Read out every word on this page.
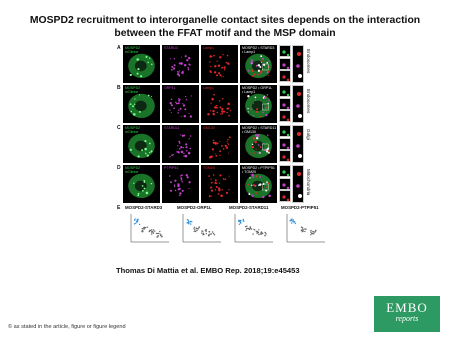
MOSPD2 recruitment to interorganelle contact sites depends on the interaction between the FFAT motif and the MSP domain
A MOSPD2
mCitrine
STARD3	Lamp1	MOSPD2 • STARD3
• Lamp1	Endosomes
B MOSPD2
mCitrine
ORP1L	Lamp1	MOSPD2 • ORP1L
• Lamp1	Endosomes
C MOSPD2
mCitrine
STARD11	GM130	MOSPD2 • STARD11
• GM130	Golgi
D MOSPD2
mCitrine
PTPIP51	TOM20	MOSPD2 • PTPIP51
• TOM20	Mitochondria
E MOSPD2-STARD3	MOSPD2-ORP1L	MOSPD2-STARD11	MOSPD2-PTPIP51
Thomas Di Mattia et al. EMBO Rep. 2018;19:e45453
EMBO
reports
© as stated in the article, figure or figure legend
